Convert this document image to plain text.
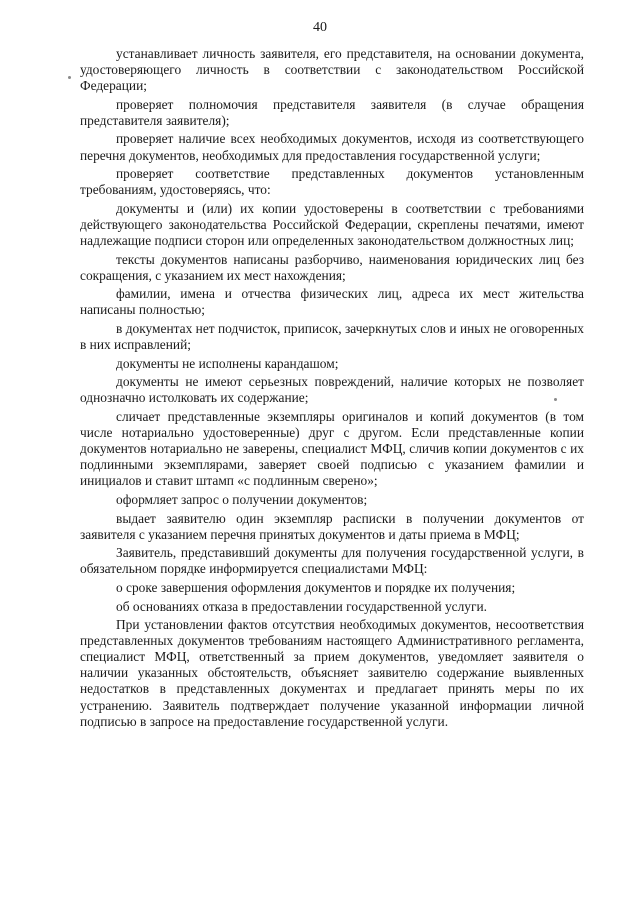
40

устанавливает личность заявителя, его представителя, на основании документа, удостоверяющего личность в соответствии с законодательством Российской Федерации;

проверяет полномочия представителя заявителя (в случае обращения представителя заявителя);

проверяет наличие всех необходимых документов, исходя из соответствующего перечня документов, необходимых для предоставления государственной услуги;

проверяет соответствие представленных документов установленным требованиям, удостоверяясь, что:

документы и (или) их копии удостоверены в соответствии с требованиями действующего законодательства Российской Федерации, скреплены печатями, имеют надлежащие подписи сторон или определенных законодательством должностных лиц;

тексты документов написаны разборчиво, наименования юридических лиц без сокращения, с указанием их мест нахождения;

фамилии, имена и отчества физических лиц, адреса их мест жительства написаны полностью;

в документах нет подчисток, приписок, зачеркнутых слов и иных не оговоренных в них исправлений;

документы не исполнены карандашом;

документы не имеют серьезных повреждений, наличие которых не позволяет однозначно истолковать их содержание;

сличает представленные экземпляры оригиналов и копий документов (в том числе нотариально удостоверенные) друг с другом. Если представленные копии документов нотариально не заверены, специалист МФЦ, сличив копии документов с их подлинными экземплярами, заверяет своей подписью с указанием фамилии и инициалов и ставит штамп «с подлинным сверено»;

оформляет запрос о получении документов;

выдает заявителю один экземпляр расписки в получении документов от заявителя с указанием перечня принятых документов и даты приема в МФЦ;

Заявитель, представивший документы для получения государственной услуги, в обязательном порядке информируется специалистами МФЦ:

о сроке завершения оформления документов и порядке их получения;

об основаниях отказа в предоставлении государственной услуги.

При установлении фактов отсутствия необходимых документов, несоответствия представленных документов требованиям настоящего Административного регламента, специалист МФЦ, ответственный за прием документов, уведомляет заявителя о наличии указанных обстоятельств, объясняет заявителю содержание выявленных недостатков в представленных документах и предлагает принять меры по их устранению. Заявитель подтверждает получение указанной информации личной подписью в запросе на предоставление государственной услуги.
